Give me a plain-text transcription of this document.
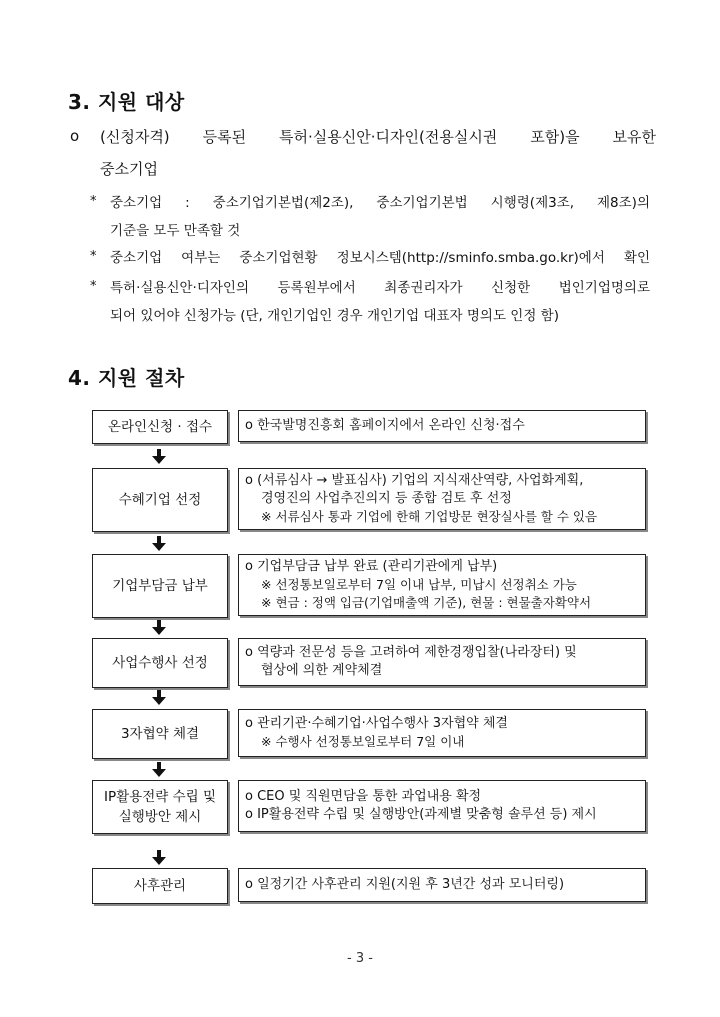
3. 지원 대상
o (신청자격) 등록된 특허·실용신안·디자인(전용실시권 포함)을 보유한
중소기업
* 중소기업 : 중소기업기본법(제2조), 중소기업기본법 시행령(제3조, 제8조)의
기준을 모두 만족할 것
* 중소기업 여부는 중소기업현황 정보시스템(http://sminfo.smba.go.kr)에서 확인
* 특허·실용신안·디자인의 등록원부에서 최종권리자가 신청한 법인기업명의로
되어 있어야 신청가능 (단, 개인기업인 경우 개인기업 대표자 명의도 인정 함)
4. 지원 절차
온라인신청 · 접수	o 한국발명진흥회 홈페이지에서 온라인 신청·접수
수혜기업 선정
o (서류심사 → 발표심사) 기업의 지식재산역량, 사업화계획,
경영진의 사업추진의지 등 종합 검토 후 선정
※ 서류심사 통과 기업에 한해 기업방문 현장실사를 할 수 있음
기업부담금 납부
o 기업부담금 납부 완료 (관리기관에게 납부)
※ 선정통보일로부터 7일 이내 납부, 미납시 선정취소 가능
※ 현금 : 정액 입금(기업매출액 기준), 현물 : 현물출자확약서
사업수행사 선정
o 역량과 전문성 등을 고려하여 제한경쟁입찰(나라장터) 및
협상에 의한 계약체결
3자협약 체결
o 관리기관·수혜기업·사업수행사 3자협약 체결
※ 수행사 선정통보일로부터 7일 이내
IP활용전략 수립 및
실행방안 제시
o CEO 및 직원면담을 통한 과업내용 확정
o IP활용전략 수립 및 실행방안(과제별 맞춤형 솔루션 등) 제시
사후관리	o 일정기간 사후관리 지원(지원 후 3년간 성과 모니터링)
- 3 -
